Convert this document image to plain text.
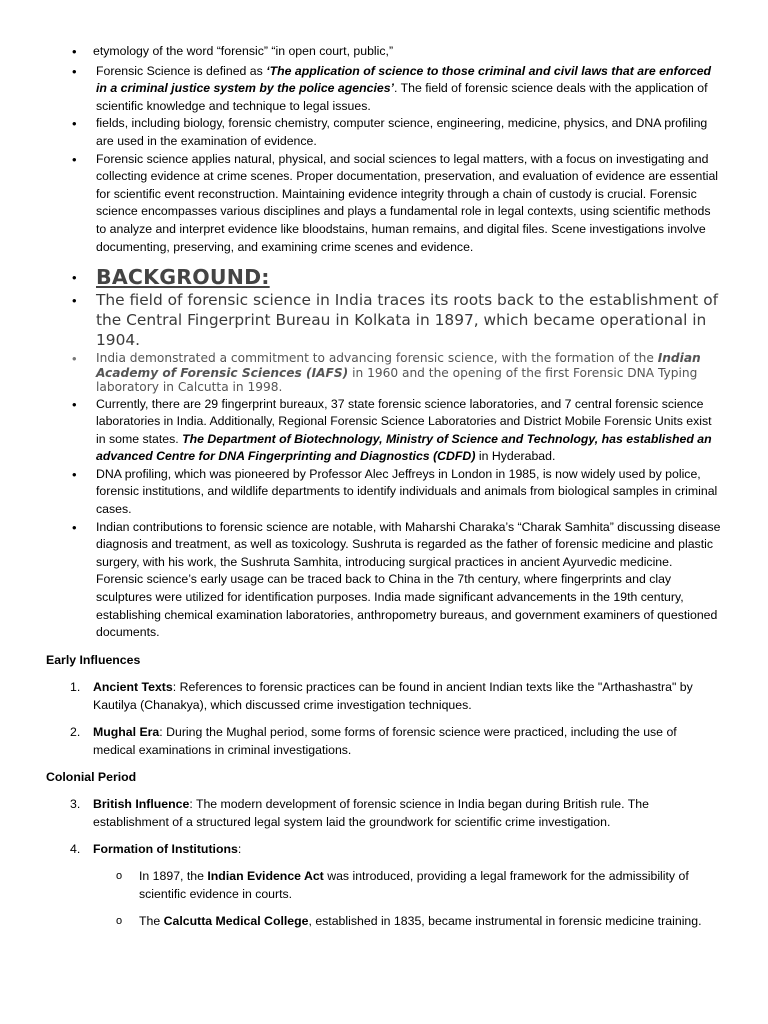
• etymology of the word “forensic” “in open court, public,”
• Forensic Science is defined as ‘The application of science to those criminal and civil laws that are enforced in a criminal justice system by the police agencies’. The field of forensic science deals with the application of scientific knowledge and technique to legal issues.
• fields, including biology, forensic chemistry, computer science, engineering, medicine, physics, and DNA profiling are used in the examination of evidence.
• Forensic science applies natural, physical, and social sciences to legal matters, with a focus on investigating and collecting evidence at crime scenes. Proper documentation, preservation, and evaluation of evidence are essential for scientific event reconstruction. Maintaining evidence integrity through a chain of custody is crucial. Forensic science encompasses various disciplines and plays a fundamental role in legal contexts, using scientific methods to analyze and interpret evidence like bloodstains, human remains, and digital files. Scene investigations involve documenting, preserving, and examining crime scenes and evidence.
• BACKGROUND:
• The field of forensic science in India traces its roots back to the establishment of the Central Fingerprint Bureau in Kolkata in 1897, which became operational in 1904.
• India demonstrated a commitment to advancing forensic science, with the formation of the Indian Academy of Forensic Sciences (IAFS) in 1960 and the opening of the first Forensic DNA Typing laboratory in Calcutta in 1998.
• Currently, there are 29 fingerprint bureaux, 37 state forensic science laboratories, and 7 central forensic science laboratories in India. Additionally, Regional Forensic Science Laboratories and District Mobile Forensic Units exist in some states. The Department of Biotechnology, Ministry of Science and Technology, has established an advanced Centre for DNA Fingerprinting and Diagnostics (CDFD) in Hyderabad.
• DNA profiling, which was pioneered by Professor Alec Jeffreys in London in 1985, is now widely used by police, forensic institutions, and wildlife departments to identify individuals and animals from biological samples in criminal cases.
• Indian contributions to forensic science are notable, with Maharshi Charaka’s “Charak Samhita” discussing disease diagnosis and treatment, as well as toxicology. Sushruta is regarded as the father of forensic medicine and plastic surgery, with his work, the Sushruta Samhita, introducing surgical practices in ancient Ayurvedic medicine. Forensic science’s early usage can be traced back to China in the 7th century, where fingerprints and clay sculptures were utilized for identification purposes. India made significant advancements in the 19th century, establishing chemical examination laboratories, anthropometry bureaus, and government examiners of questioned documents.
Early Influences
1. Ancient Texts: References to forensic practices can be found in ancient Indian texts like the "Arthashastra" by Kautilya (Chanakya), which discussed crime investigation techniques.
2. Mughal Era: During the Mughal period, some forms of forensic science were practiced, including the use of medical examinations in criminal investigations.
Colonial Period
3. British Influence: The modern development of forensic science in India began during British rule. The establishment of a structured legal system laid the groundwork for scientific crime investigation.
4. Formation of Institutions:
o In 1897, the Indian Evidence Act was introduced, providing a legal framework for the admissibility of scientific evidence in courts.
o The Calcutta Medical College, established in 1835, became instrumental in forensic medicine training.
